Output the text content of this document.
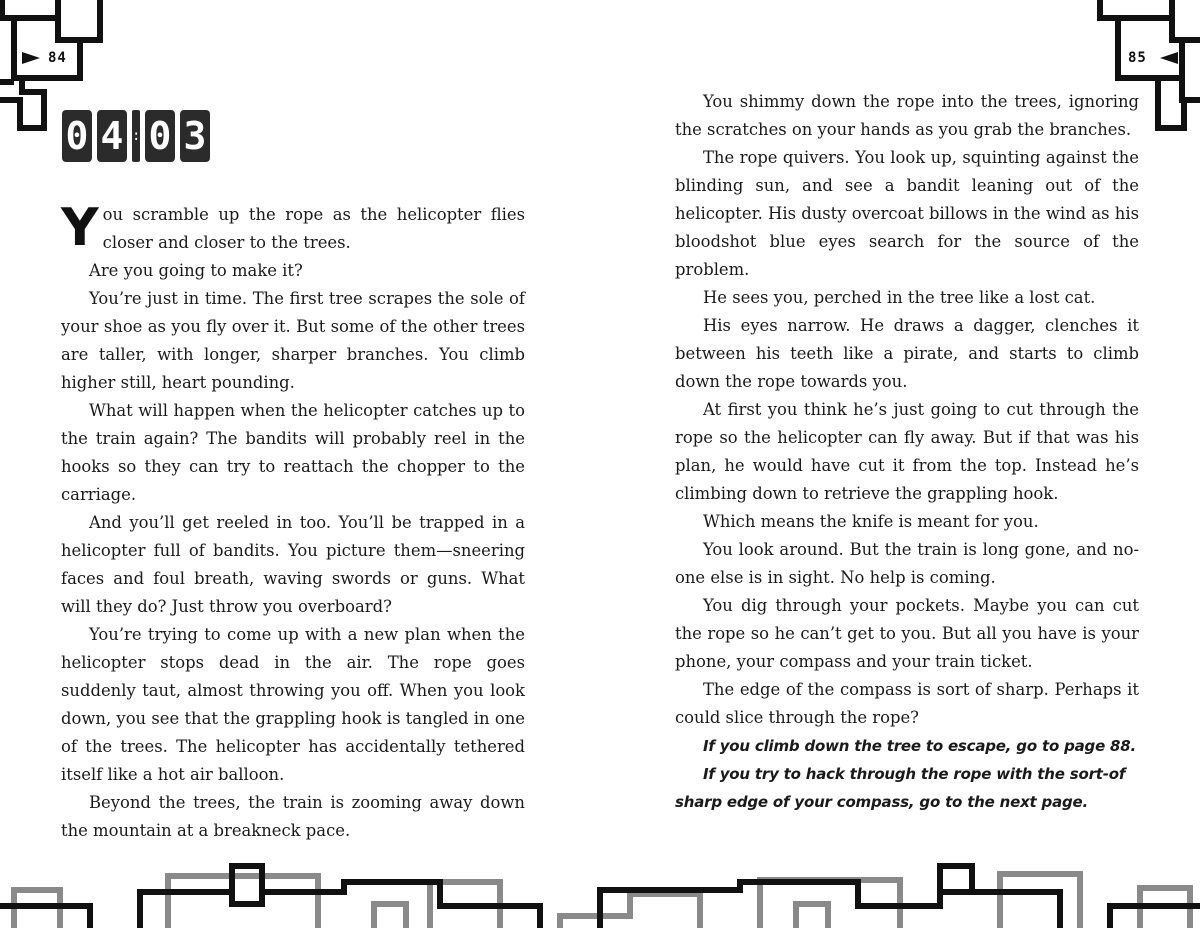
84	85
0 4 : 0 3

You scramble up the rope as the helicopter flies closer and closer to the trees.

Are you going to make it?

You’re just in time. The first tree scrapes the sole of your shoe as you fly over it. But some of the other trees are taller, with longer, sharper branches. You climb higher still, heart pounding.

What will happen when the helicopter catches up to the train again? The bandits will probably reel in the hooks so they can try to reattach the chopper to the carriage.

And you’ll get reeled in too. You’ll be trapped in a helicopter full of bandits. You picture them—sneering faces and foul breath, waving swords or guns. What will they do? Just throw you overboard?

You’re trying to come up with a new plan when the helicopter stops dead in the air. The rope goes suddenly taut, almost throwing you off. When you look down, you see that the grappling hook is tangled in one of the trees. The helicopter has accidentally tethered itself like a hot air balloon.

Beyond the trees, the train is zooming away down the mountain at a breakneck pace.

You shimmy down the rope into the trees, ignoring the scratches on your hands as you grab the branches.

The rope quivers. You look up, squinting against the blinding sun, and see a bandit leaning out of the helicopter. His dusty overcoat billows in the wind as his bloodshot blue eyes search for the source of the problem.

He sees you, perched in the tree like a lost cat.

His eyes narrow. He draws a dagger, clenches it between his teeth like a pirate, and starts to climb down the rope towards you.

At first you think he’s just going to cut through the rope so the helicopter can fly away. But if that was his plan, he would have cut it from the top. Instead he’s climbing down to retrieve the grappling hook.

Which means the knife is meant for you.

You look around. But the train is long gone, and no-one else is in sight. No help is coming.

You dig through your pockets. Maybe you can cut the rope so he can’t get to you. But all you have is your phone, your compass and your train ticket.

The edge of the compass is sort of sharp. Perhaps it could slice through the rope?

If you climb down the tree to escape, go to page 88.

If you try to hack through the rope with the sort-of sharp edge of your compass, go to the next page.
